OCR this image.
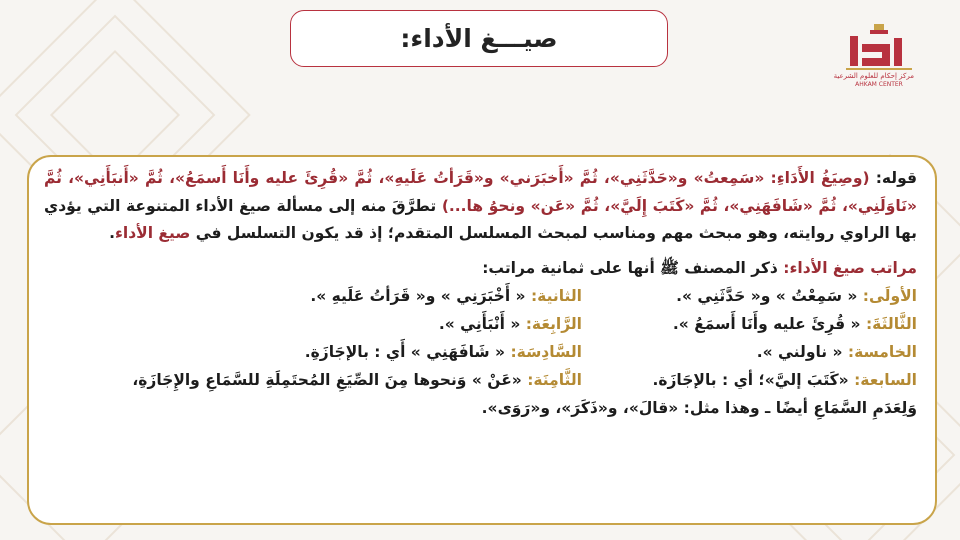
صيـــغ الأداء:
مركز إحكام للعلوم الشرعية
AHKAM CENTER

قوله: (وصِيَغُ الأَدَاءِ: «سَمِعتُ» و«حَدَّثَنِي»، ثُمَّ «أَخبَرَني» و«قَرَأتُ عَلَيهِ»، ثُمَّ «قُرِئَ عليه وأَنَا أَسمَعُ»، ثُمَّ «أَنبَأَنِي»، ثُمَّ «نَاوَلَنِي»، ثُمَّ «شَافَهَنِي»، ثُمَّ «كَتَبَ إِلَيَّ»، ثُمَّ «عَن» ونحوُ ها...) تطرَّقَ منه إلى مسألة صيغ الأداء المتنوعة التي يؤدي بها الراوي روايته، وهو مبحث مهم ومناسب لمبحث المسلسل المتقدم؛ إذ قد يكون التسلسل في صيغ الأداء.

مراتب صيغ الأداء: ذكر المصنف ﷺ أنها على ثمانية مراتب:

الأولَى: « سَمِعْتُ » و« حَدَّثَنِي ».
الثانية: « أَخْبَرَنِي » و« قَرَأتُ عَلَيهِ ».
الثَّالثَةَ: « قُرِئَ عليه وأَنَا أَسمَعُ ».
الرَّابِعَة: « أَنْبَأَنِي ».
الخامسة: « ناولني ».
السَّادِسَة: « شَافَهَنِي » أَي : بالإجَازَةِ.
السابعة: «كَتَبَ إليَّ»؛ أي : بالإجَازَة.
الثَّامِنَة: «عَنْ » وَنحوها مِنَ الصِّيَغِ المُحتَمِلَةِ للسَّمَاعِ والإِجَازَةِ،

وَلِعَدَمِ السَّمَاعِ أيضًا ـ وهذا مثل: «قالَ»، و«ذَكَرَ»، و«رَوَى».
